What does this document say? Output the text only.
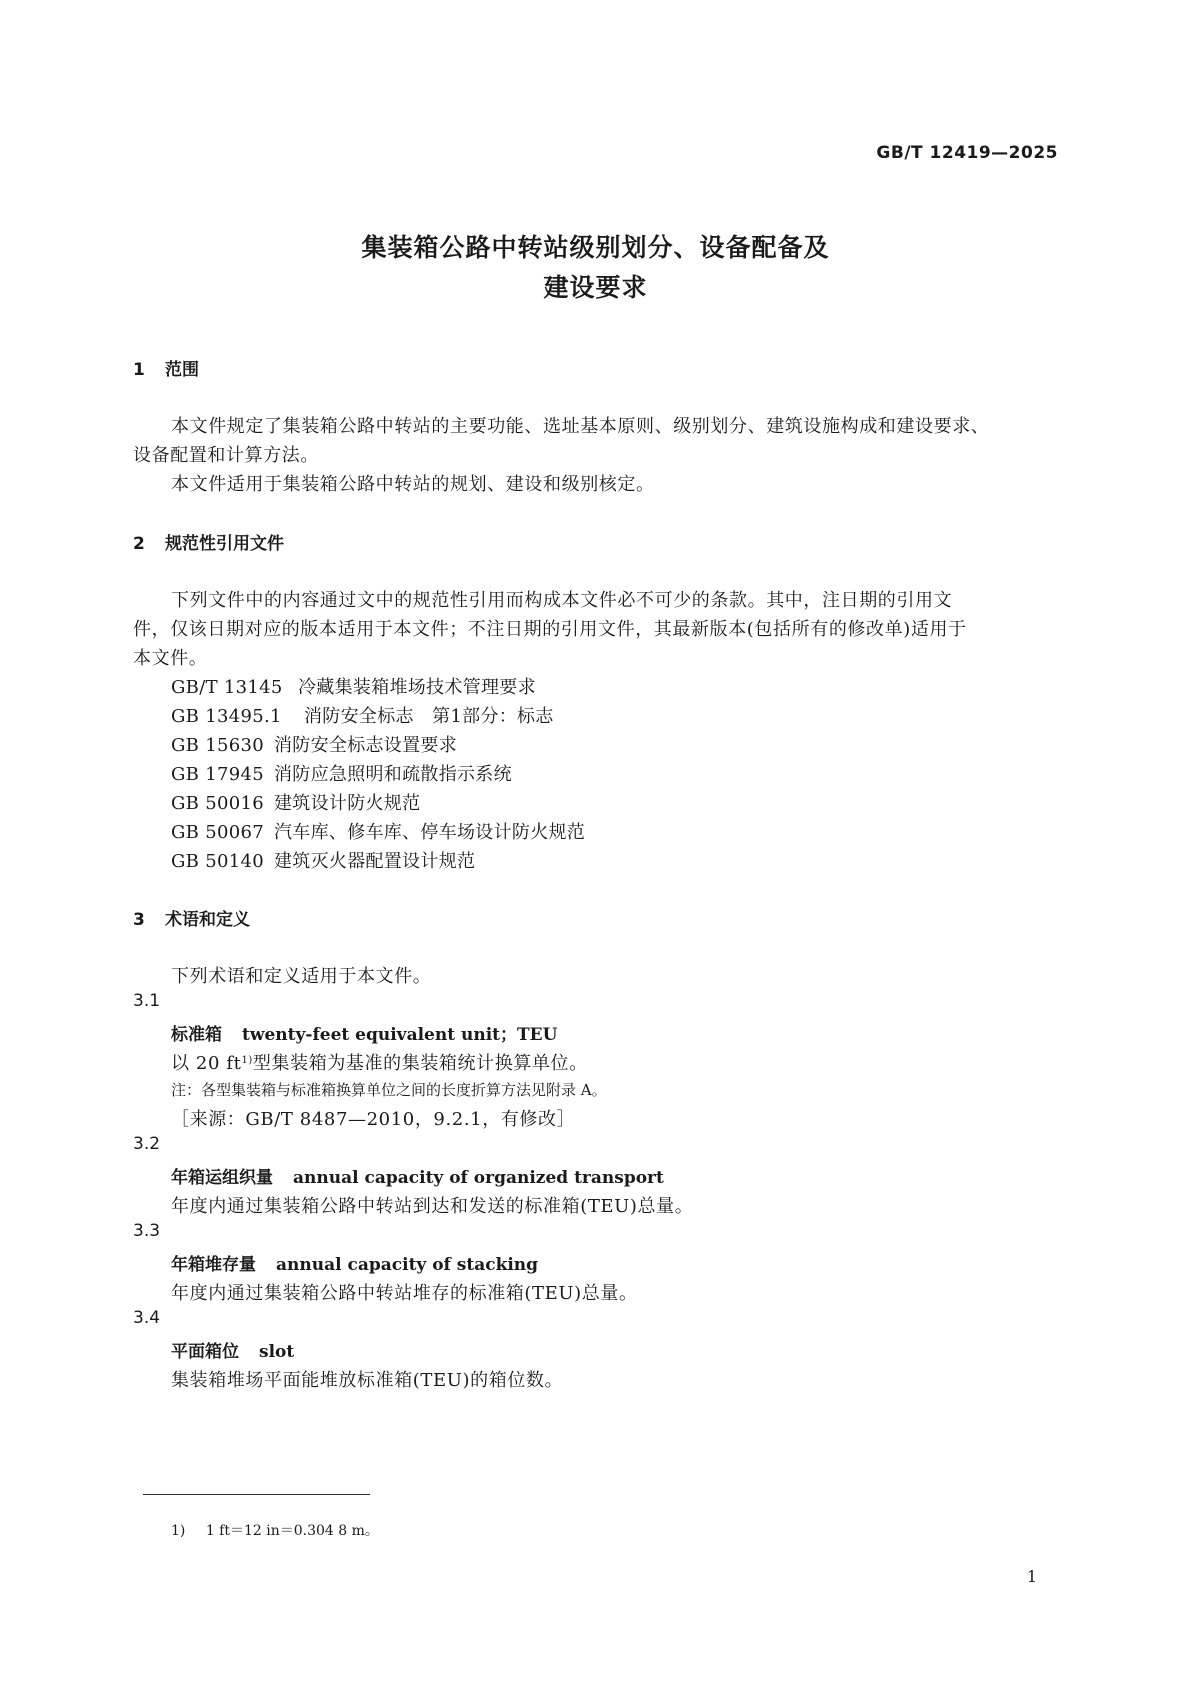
GB/T 12419—2025
集装箱公路中转站级别划分、设备配备及
建设要求
1 范围
本文件规定了集装箱公路中转站的主要功能、选址基本原则、级别划分、建筑设施构成和建设要求、
设备配置和计算方法。
本文件适用于集装箱公路中转站的规划、建设和级别核定。
2 规范性引用文件
下列文件中的内容通过文中的规范性引用而构成本文件必不可少的条款。其中，注日期的引用文
件，仅该日期对应的版本适用于本文件；不注日期的引用文件，其最新版本(包括所有的修改单)适用于
本文件。
GB/T 13145 冷藏集装箱堆场技术管理要求
GB 13495.1 消防安全标志　第1部分：标志
GB 15630 消防安全标志设置要求
GB 17945 消防应急照明和疏散指示系统
GB 50016 建筑设计防火规范
GB 50067 汽车库、修车库、停车场设计防火规范
GB 50140 建筑灭火器配置设计规范
3 术语和定义
下列术语和定义适用于本文件。
3.1
标准箱 twenty-feet equivalent unit；TEU
以 20 $ft^{1)}$型集装箱为基准的集装箱统计换算单位。
注：各型集装箱与标准箱换算单位之间的长度折算方法见附录 A。
［来源：GB/T 8487—2010，9.2.1，有修改］
3.2
年箱运组织量 annual capacity of organized transport
年度内通过集装箱公路中转站到达和发送的标准箱(TEU)总量。
3.3
年箱堆存量 annual capacity of stacking
年度内通过集装箱公路中转站堆存的标准箱(TEU)总量。
3.4
平面箱位 slot
集装箱堆场平面能堆放标准箱(TEU)的箱位数。
1) 1 ft＝12 in＝0.304 8 m。
1
